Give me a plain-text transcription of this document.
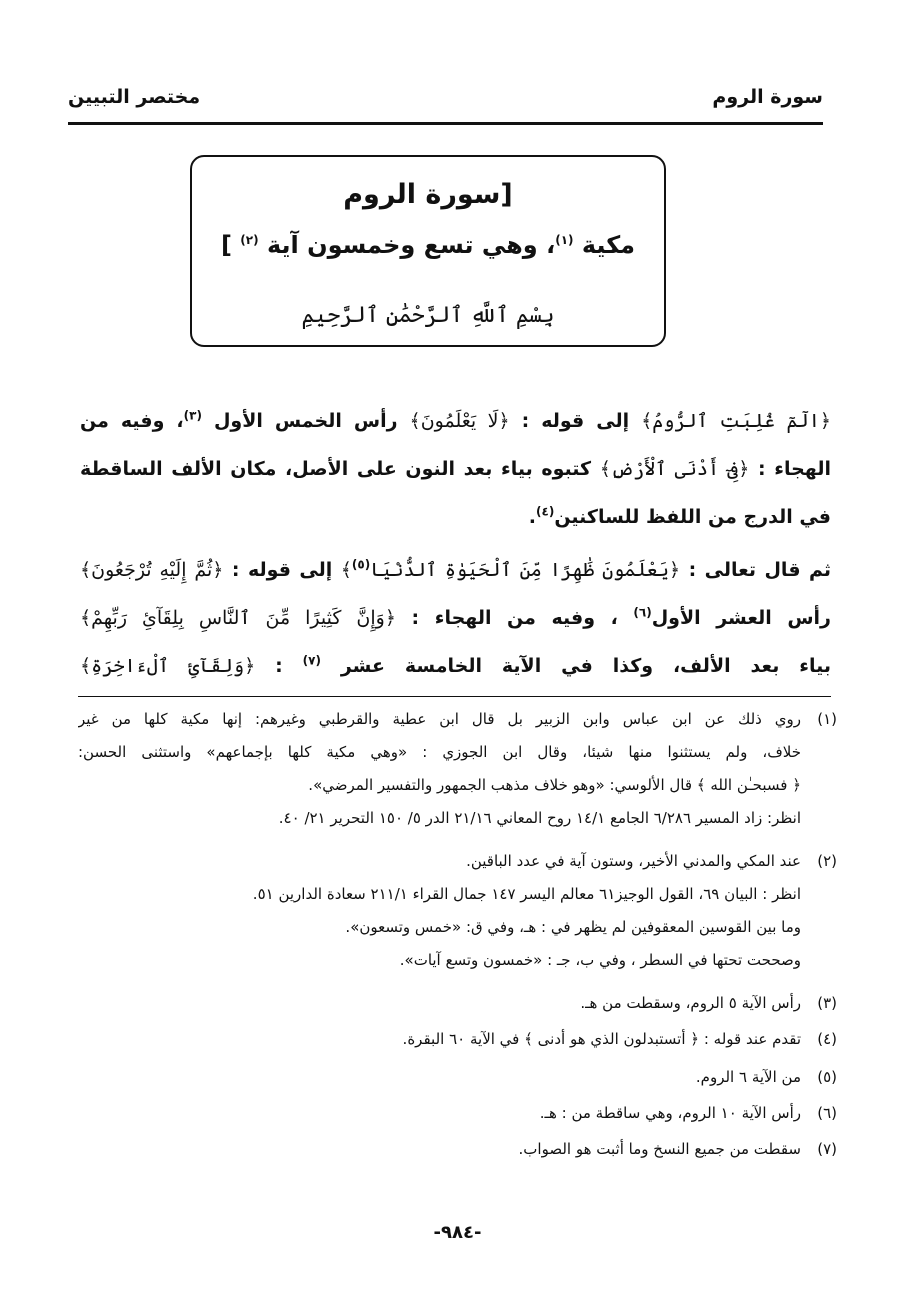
سورة الروم
مختصر التبيين
[سورة الروم
مكية $^{(١)}$، وهي تسع وخمسون آية $^{(٢)}$ ]
بِسْمِ ٱللَّهِ ٱلرَّحْمَٰنِ ٱلرَّحِيمِ
﴿الٓمٓ غُلِبَتِ ٱلرُّومُ﴾ إلى قوله : ﴿لَا يَعْلَمُونَ﴾ رأس الخمس الأول $^{(٣)}$، وفيه من
الهجاء : ﴿فِىٓ أَدْنَى ٱلْأَرْضِ﴾ كتبوه بياء بعد النون على الأصل، مكان الألف الساقطة
في الدرج من اللفظ للساكنين$^{(٤)}$.
ثم قال تعالى : ﴿يَعْلَمُونَ ظَٰهِرًا مِّنَ ٱلْحَيَوٰةِ ٱلدُّنْيَا$^{(٥)}$﴾ إلى قوله : ﴿ثُمَّ إِلَيْهِ تُرْجَعُونَ﴾
رأس العشر الأول$^{(٦)}$ ، وفيه من الهجاء : ﴿وَإِنَّ كَثِيرًا مِّنَ ٱلنَّاسِ بِلِقَآئِ رَبِّهِمْ﴾
بياء بعد الألف، وكذا في الآية الخامسة عشر $^{(٧)}$ : ﴿وَلِقَآئِ ٱلْءَاخِرَةِ﴾
(١)
روي ذلك عن ابن عباس وابن الزبير بل قال ابن عطية والقرطبي وغيرهم: إنها مكية كلها من غير
خلاف، ولم يستثنوا منها شيئا، وقال ابن الجوزي : «وهي مكية كلها بإجماعهم» واستثنى الحسن:
﴿ فسبحـٰن الله ﴾ قال الألوسي: «وهو خلاف مذهب الجمهور والتفسير المرضي».
انظر: زاد المسير ٦/٢٨٦ الجامع ١٤/١ روح المعاني ٢١/١٦ الدر ٥/ ١٥٠ التحرير ٢١/ ٤٠.
(٢)
عند المكي والمدني الأخير، وستون آية في عدد الباقين.
انظر : البيان ٦٩، القول الوجيز٦١ معالم اليسر ١٤٧ جمال القراء ٢١١/١ سعادة الدارين ٥١.
وما بين القوسين المعقوفين لم يظهر في : هـ، وفي ق: «خمس وتسعون».
وصححت تحتها في السطر ، وفي ب، جـ : «خمسون وتسع آيات».
(٣)
رأس الآية ٥ الروم، وسقطت من هـ.
(٤)
تقدم عند قوله : ﴿ أتستبدلون الذي هو أدنى ﴾ في الآية ٦٠ البقرة.
(٥)
من الآية ٦ الروم.
(٦)
رأس الآية ١٠ الروم، وهي ساقطة من : هـ.
(٧)
سقطت من جميع النسخ وما أثبت هو الصواب.
-٩٨٤-
